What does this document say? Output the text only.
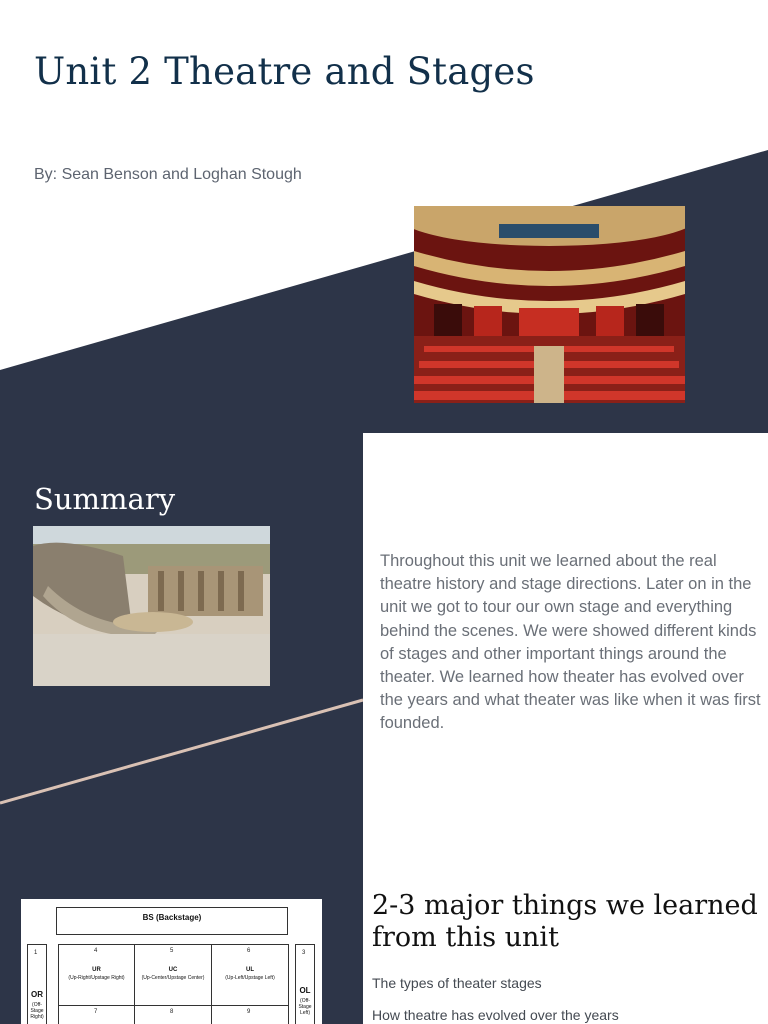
Unit 2 Theatre and Stages
By: Sean Benson and Loghan Stough
Summary

Throughout this unit we learned about the real theatre history and stage directions. Later on in the unit we got to tour our own stage and everything behind the scenes. We were showed different kinds of stages and other important things around the theater. We learned how theater has evolved over the years and what theater was like when it was first founded.

2-3 major things we learned from this unit
The types of theater stages
How theatre has evolved over the years
BS (Backstage)
1
OR
(Off-Stage Right)
3
OL
(Off-Stage Left)
4
UR
(Up-Right/Upstage Right)
5
UC
(Up-Center/Upstage Center)
6
UL
(Up-Left/Upstage Left)
7	8	9
